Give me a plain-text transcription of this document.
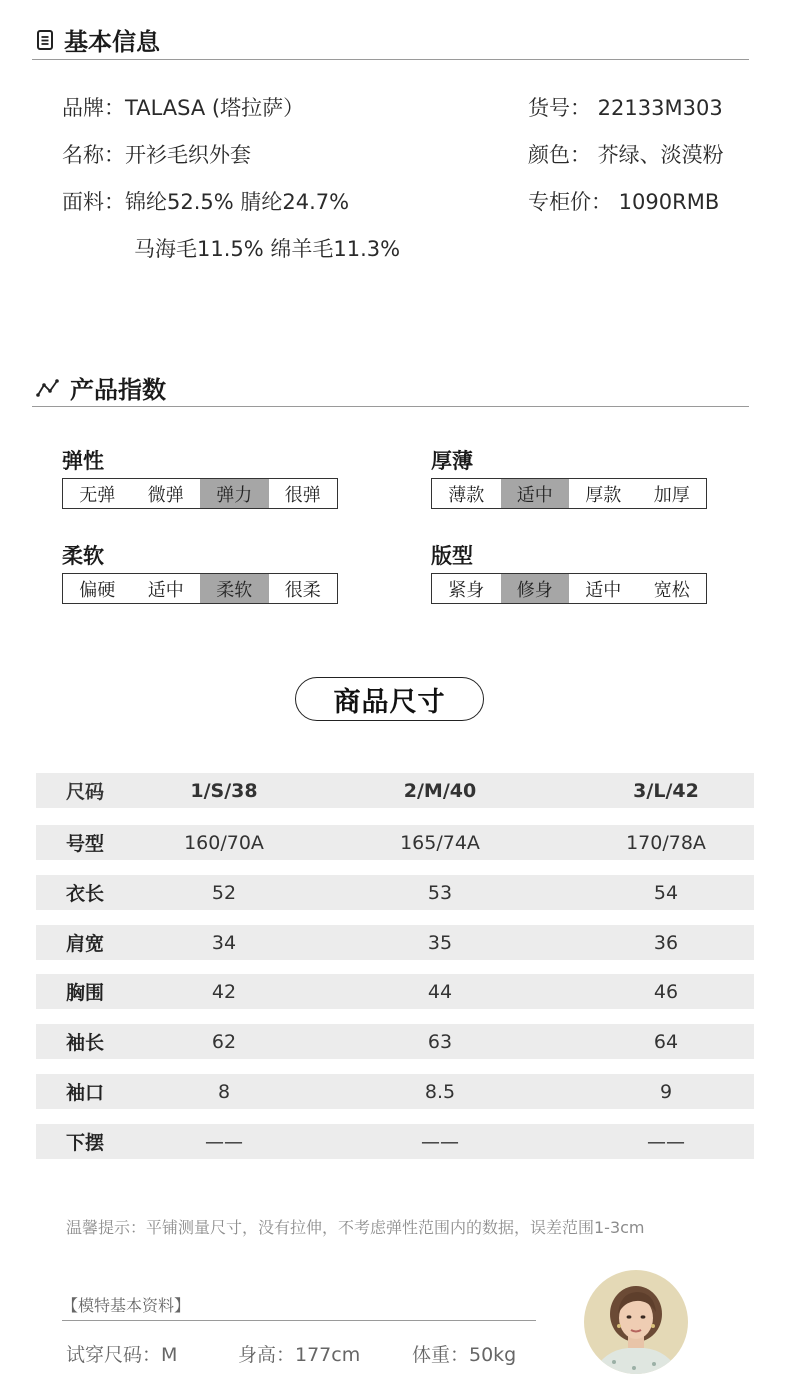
基本信息
品牌：TALASA (塔拉萨）
名称：开衫毛织外套
面料：锦纶52.5% 腈纶24.7%
马海毛11.5% 绵羊毛11.3%
货号： 22133M303
颜色： 芥绿、淡漠粉
专柜价： 1090RMB
产品指数
弹性
无弹	微弹	弹力	很弹
厚薄
薄款	适中	厚款	加厚
柔软
偏硬	适中	柔软	很柔
版型
紧身	修身	适中	宽松
商品尺寸
尺码	1/S/38	2/M/40	3/L/42
号型	160/70A	165/74A	170/78A
衣长	52	53	54
肩宽	34	35	36
胸围	42	44	46
袖长	62	63	64
袖口	8	8.5	9
下摆	——	——	——
温馨提示：平铺测量尺寸，没有拉伸，不考虑弹性范围内的数据，误差范围1-3cm
【模特基本资料】
试穿尺码：M	身高：177cm	体重：50kg
